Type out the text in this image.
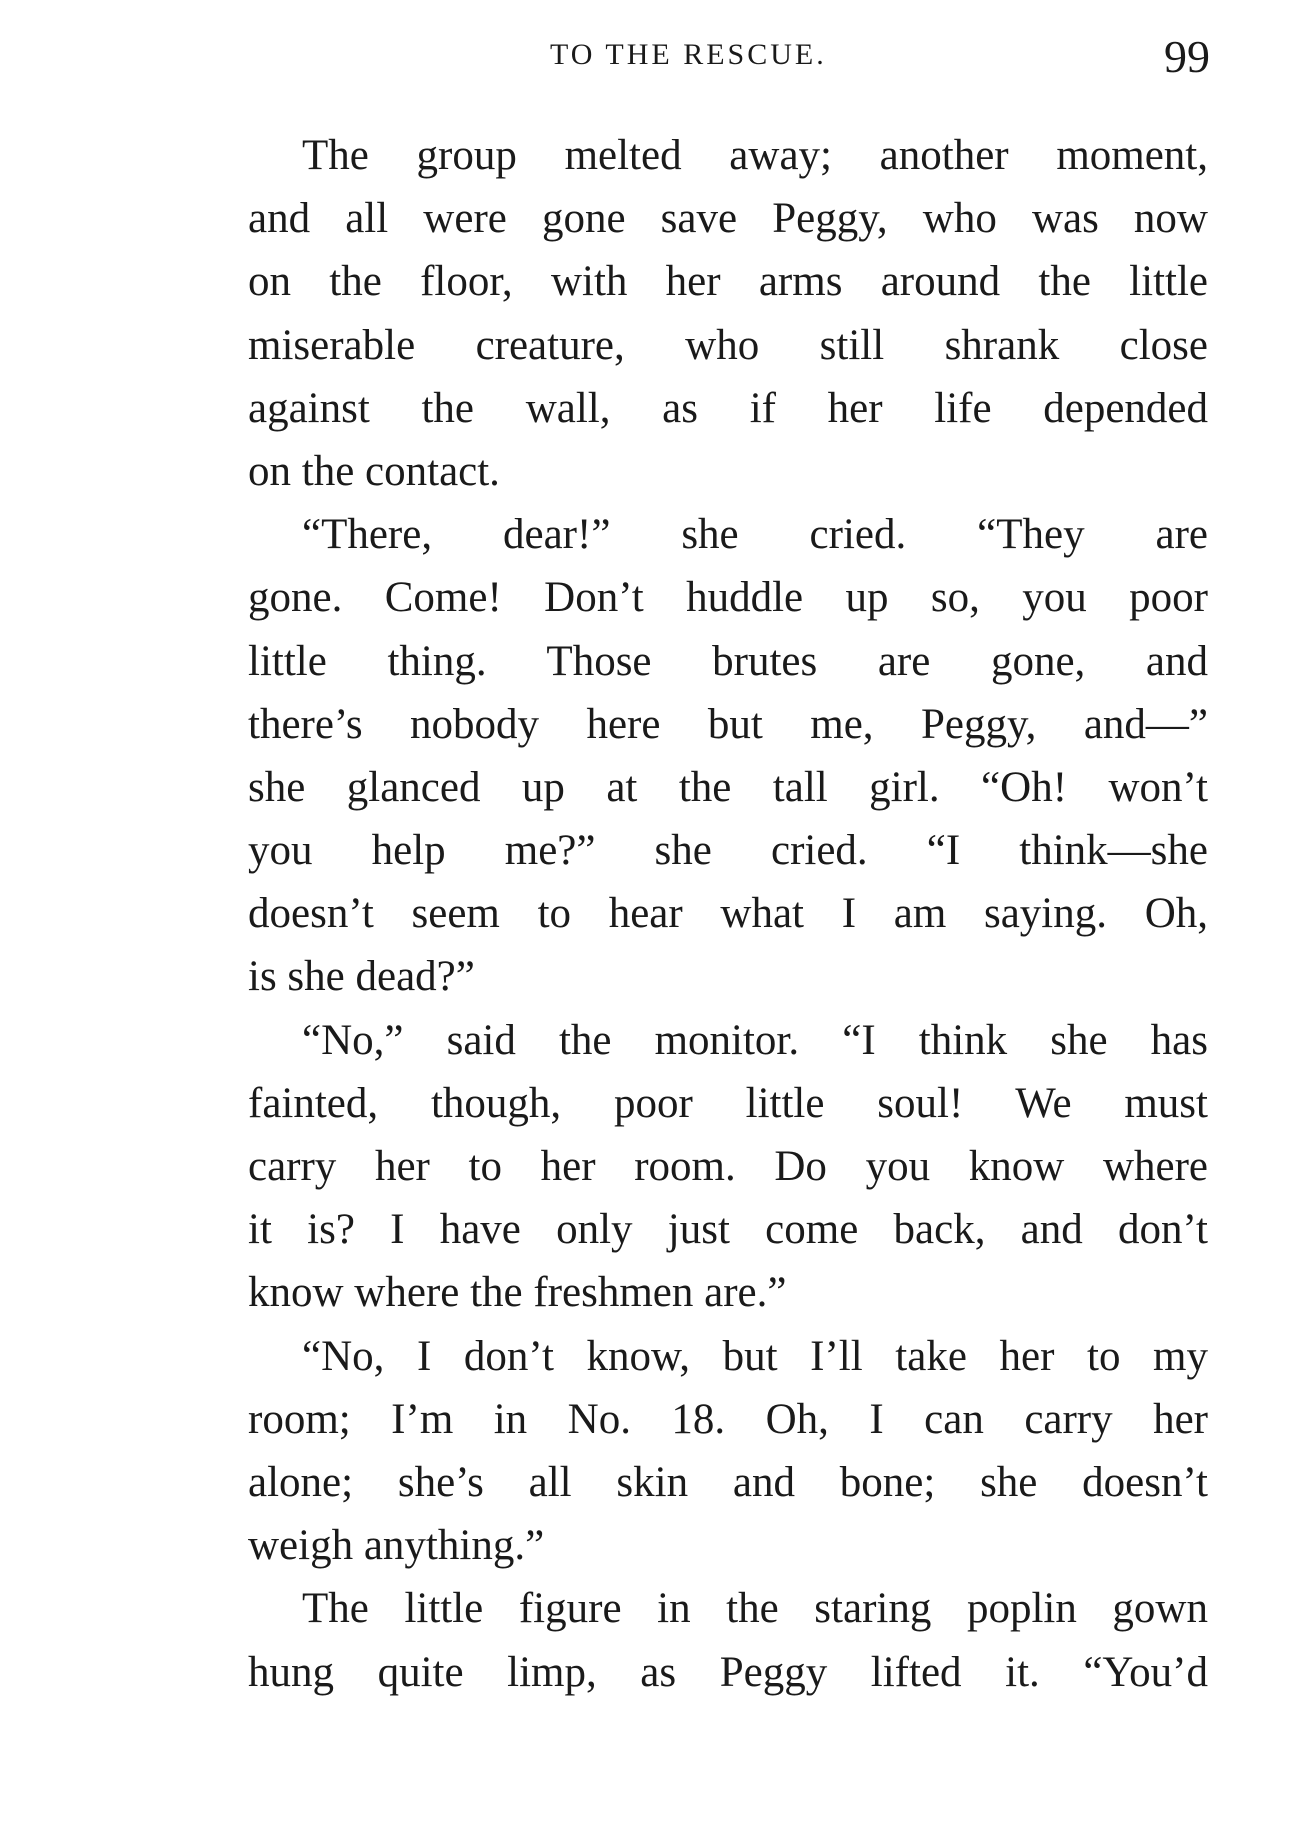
TO THE RESCUE.	99
The group melted away; another moment,
and all were gone save Peggy, who was now
on the floor, with her arms around the little
miserable creature, who still shrank close
against the wall, as if her life depended
on the contact.
“There, dear!” she cried. “They are
gone. Come! Don’t huddle up so, you poor
little thing. Those brutes are gone, and
there’s nobody here but me, Peggy, and—”
she glanced up at the tall girl. “Oh! won’t
you help me?” she cried. “I think—she
doesn’t seem to hear what I am saying. Oh,
is she dead?”
“No,” said the monitor. “I think she has
fainted, though, poor little soul! We must
carry her to her room. Do you know where
it is? I have only just come back, and don’t
know where the freshmen are.”
“No, I don’t know, but I’ll take her to my
room; I’m in No. 18. Oh, I can carry her
alone; she’s all skin and bone; she doesn’t
weigh anything.”
The little figure in the staring poplin gown
hung quite limp, as Peggy lifted it. “You’d
